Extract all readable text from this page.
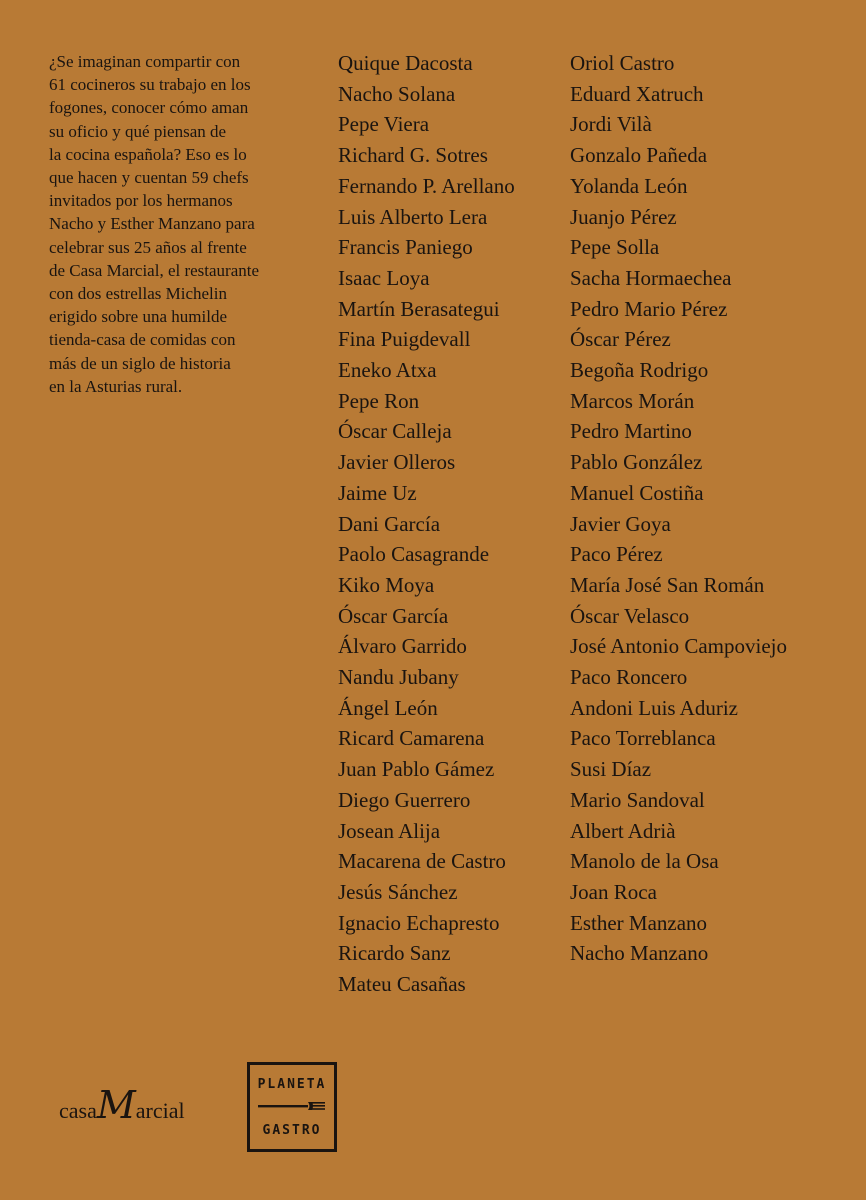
¿Se imaginan compartir con
61 cocineros su trabajo en los
fogones, conocer cómo aman
su oficio y qué piensan de
la cocina española? Eso es lo
que hacen y cuentan 59 chefs
invitados por los hermanos
Nacho y Esther Manzano para
celebrar sus 25 años al frente
de Casa Marcial, el restaurante
con dos estrellas Michelin
erigido sobre una humilde
tienda-casa de comidas con
más de un siglo de historia
en la Asturias rural.
Quique Dacosta
Nacho Solana
Pepe Viera
Richard G. Sotres
Fernando P. Arellano
Luis Alberto Lera
Francis Paniego
Isaac Loya
Martín Berasategui
Fina Puigdevall
Eneko Atxa
Pepe Ron
Óscar Calleja
Javier Olleros
Jaime Uz
Dani García
Paolo Casagrande
Kiko Moya
Óscar García
Álvaro Garrido
Nandu Jubany
Ángel León
Ricard Camarena
Juan Pablo Gámez
Diego Guerrero
Josean Alija
Macarena de Castro
Jesús Sánchez
Ignacio Echapresto
Ricardo Sanz
Mateu Casañas
Oriol Castro
Eduard Xatruch
Jordi Vilà
Gonzalo Pañeda
Yolanda León
Juanjo Pérez
Pepe Solla
Sacha Hormaechea
Pedro Mario Pérez
Óscar Pérez
Begoña Rodrigo
Marcos Morán
Pedro Martino
Pablo González
Manuel Costiña
Javier Goya
Paco Pérez
María José San Román
Óscar Velasco
José Antonio Campoviejo
Paco Roncero
Andoni Luis Aduriz
Paco Torreblanca
Susi Díaz
Mario Sandoval
Albert Adrià
Manolo de la Osa
Joan Roca
Esther Manzano
Nacho Manzano
casaMarcial
PLANETA
GASTRO
